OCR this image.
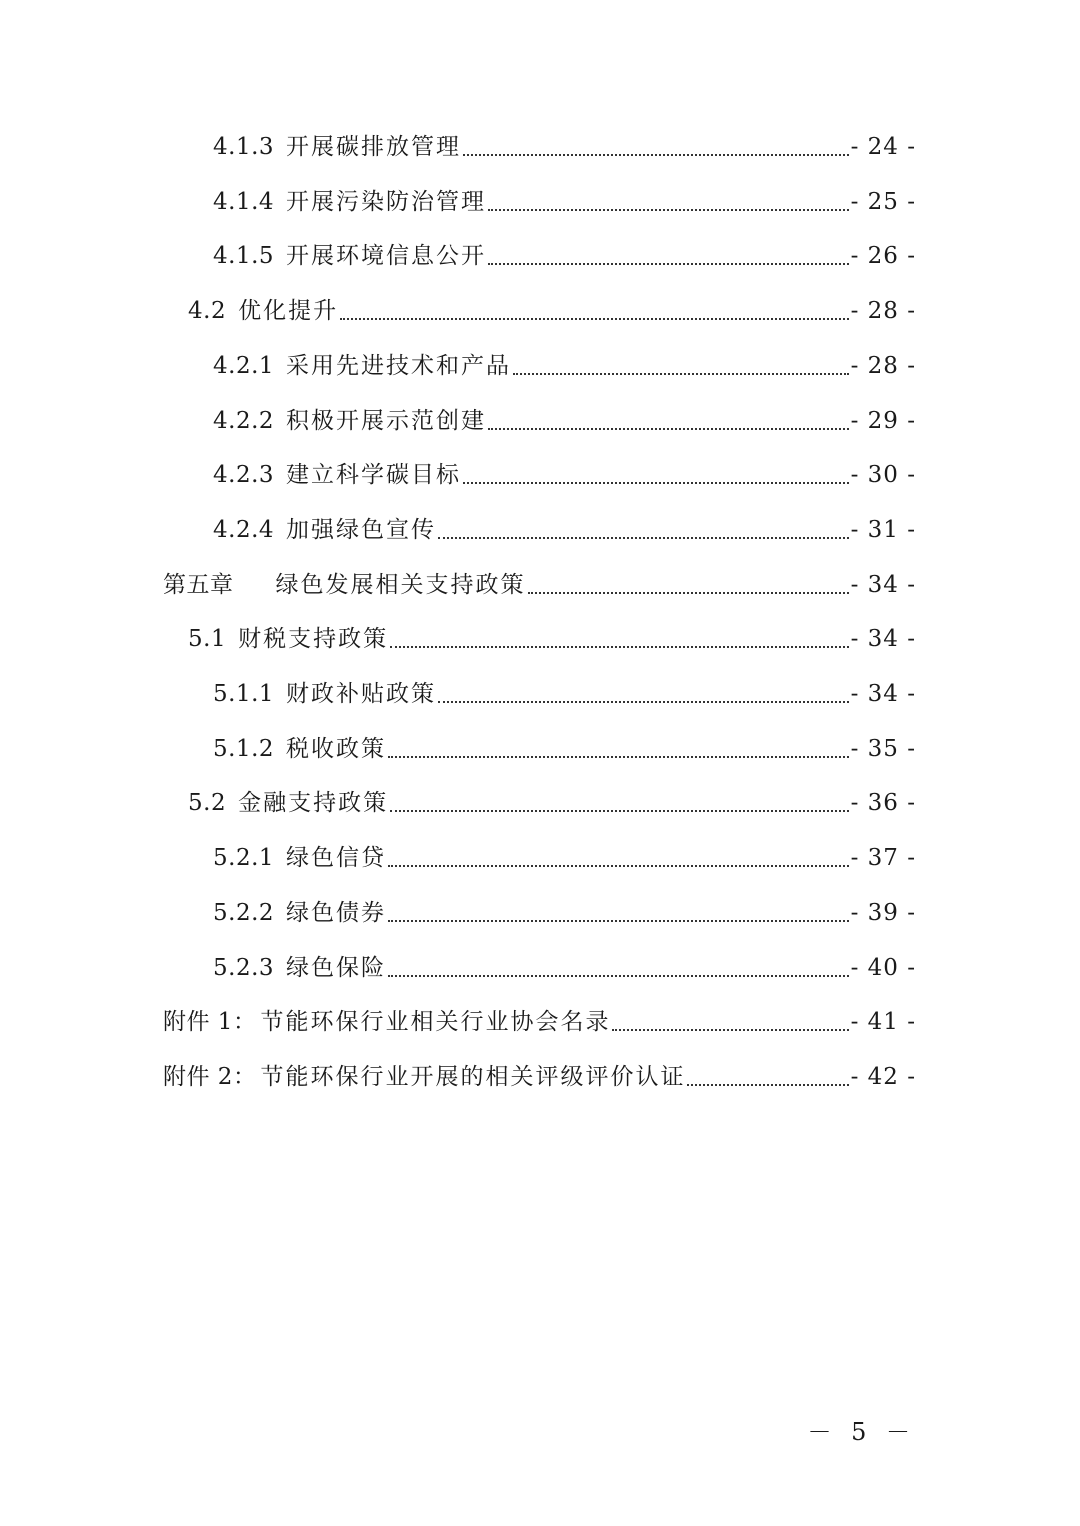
4.1.3 开展碳排放管理	- 24 -
4.1.4 开展污染防治管理	- 25 -
4.1.5 开展环境信息公开	- 26 -
4.2 优化提升	- 28 -
4.2.1 采用先进技术和产品	- 28 -
4.2.2 积极开展示范创建	- 29 -
4.2.3 建立科学碳目标	- 30 -
4.2.4 加强绿色宣传	- 31 -
第五章 绿色发展相关支持政策	- 34 -
5.1 财税支持政策	- 34 -
5.1.1 财政补贴政策	- 34 -
5.1.2 税收政策	- 35 -
5.2 金融支持政策	- 36 -
5.2.1 绿色信贷	- 37 -
5.2.2 绿色债券	- 39 -
5.2.3 绿色保险	- 40 -
附件 1： 节能环保行业相关行业协会名录	- 41 -
附件 2： 节能环保行业开展的相关评级评价认证	- 42 -
－ 5 －
